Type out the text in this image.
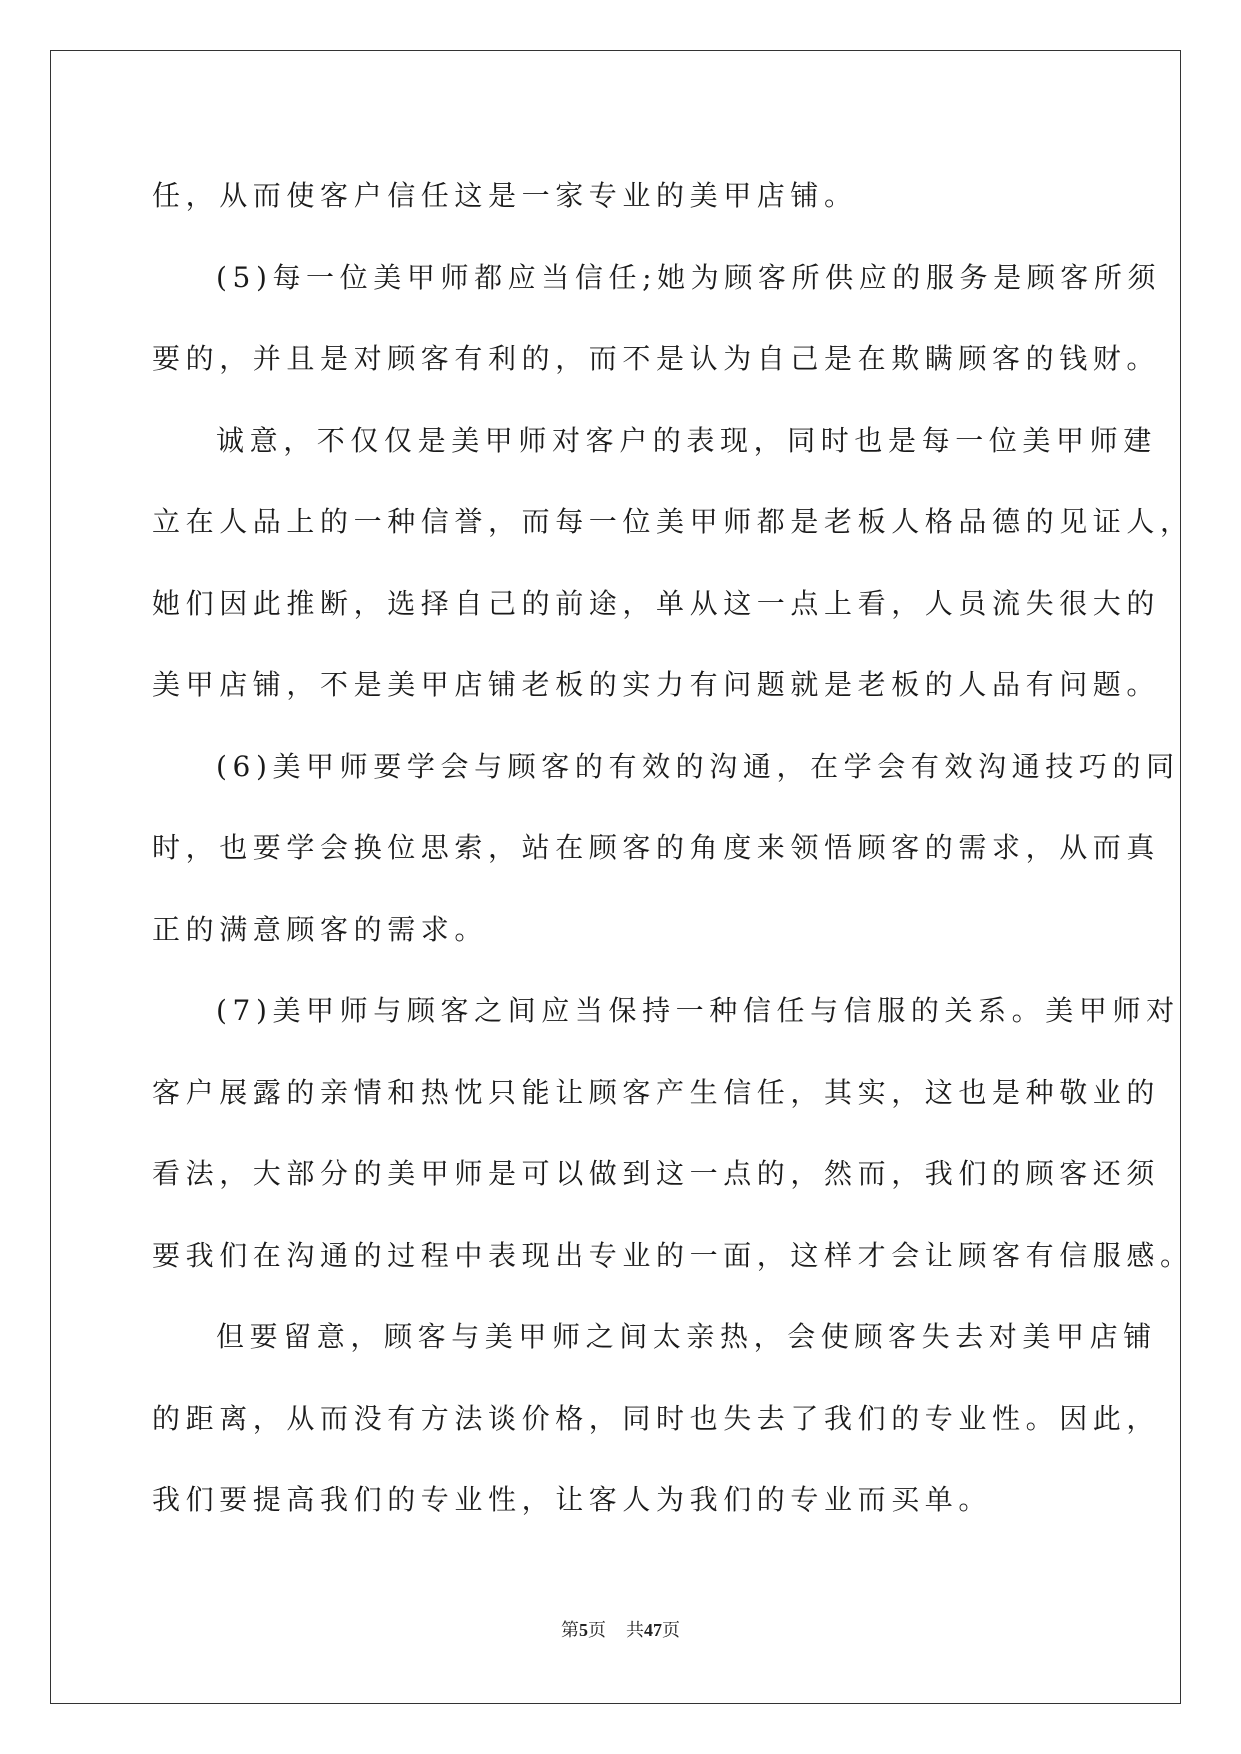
任，从而使客户信任这是一家专业的美甲店铺。
(5)每一位美甲师都应当信任;她为顾客所供应的服务是顾客所须
要的，并且是对顾客有利的，而不是认为自己是在欺瞒顾客的钱财。
诚意，不仅仅是美甲师对客户的表现，同时也是每一位美甲师建
立在人品上的一种信誉，而每一位美甲师都是老板人格品德的见证人，
她们因此推断，选择自己的前途，单从这一点上看，人员流失很大的
美甲店铺，不是美甲店铺老板的实力有问题就是老板的人品有问题。
(6)美甲师要学会与顾客的有效的沟通，在学会有效沟通技巧的同
时，也要学会换位思索，站在顾客的角度来领悟顾客的需求，从而真
正的满意顾客的需求。
(7)美甲师与顾客之间应当保持一种信任与信服的关系。美甲师对
客户展露的亲情和热忱只能让顾客产生信任，其实，这也是种敬业的
看法，大部分的美甲师是可以做到这一点的，然而，我们的顾客还须
要我们在沟通的过程中表现出专业的一面，这样才会让顾客有信服感。
但要留意，顾客与美甲师之间太亲热，会使顾客失去对美甲店铺
的距离，从而没有方法谈价格，同时也失去了我们的专业性。因此，
我们要提高我们的专业性，让客人为我们的专业而买单。
第5页 共47页
